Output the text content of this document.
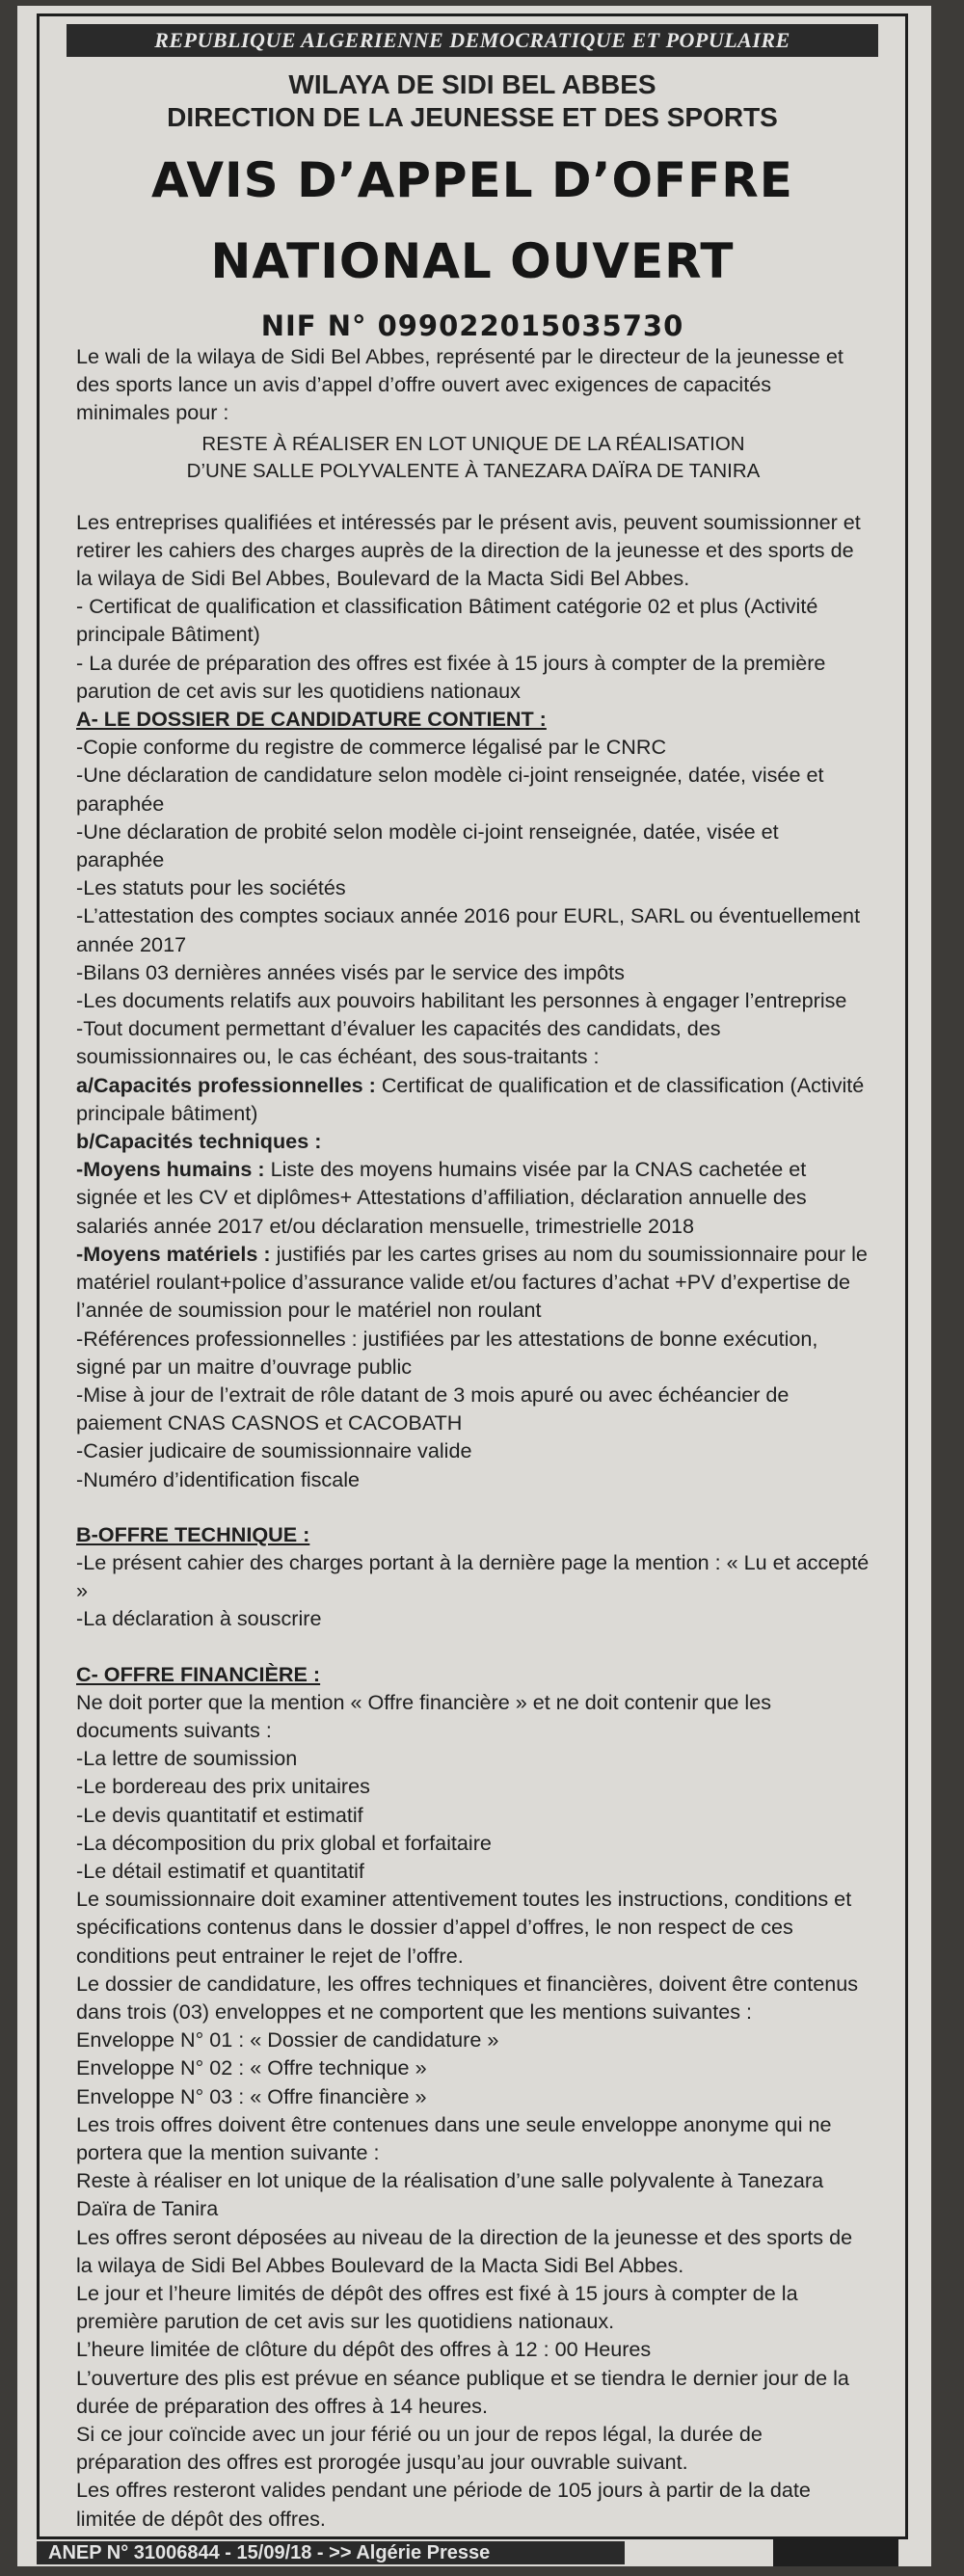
REPUBLIQUE ALGERIENNE DEMOCRATIQUE ET POPULAIRE
WILAYA DE SIDI BEL ABBES
DIRECTION DE LA JEUNESSE ET DES SPORTS
AVIS D’APPEL D’OFFRE
NATIONAL OUVERT
NIF N° 099022015035730

Le wali de la wilaya de Sidi Bel Abbes, représenté par le directeur de la jeunesse et des sports lance un avis d’appel d’offre ouvert avec exigences de capacités minimales pour :

RESTE À RÉALISER EN LOT UNIQUE DE LA RÉALISATION
D’UNE SALLE POLYVALENTE À TANEZARA DAÏRA DE TANIRA

Les entreprises qualifiées et intéressés par le présent avis, peuvent soumissionner et retirer les cahiers des charges auprès de la direction de la jeunesse et des sports de la wilaya de Sidi Bel Abbes, Boulevard de la Macta Sidi Bel Abbes.

- Certificat de qualification et classification Bâtiment catégorie 02 et plus (Activité principale Bâtiment)

- La durée de préparation des offres est fixée à 15 jours à compter de la première parution de cet avis sur les quotidiens nationaux

A- LE DOSSIER DE CANDIDATURE CONTIENT :

-Copie conforme du registre de commerce légalisé par le CNRC

-Une déclaration de candidature selon modèle ci-joint renseignée, datée, visée et paraphée

-Une déclaration de probité selon modèle ci-joint renseignée, datée, visée et paraphée

-Les statuts pour les sociétés

-L’attestation des comptes sociaux année 2016 pour EURL, SARL ou éventuellement année 2017

-Bilans 03 dernières années visés par le service des impôts

-Les documents relatifs aux pouvoirs habilitant les personnes à engager l’entreprise

-Tout document permettant d’évaluer les capacités des candidats, des soumissionnaires ou, le cas échéant, des sous-traitants :

a/Capacités professionnelles : Certificat de qualification et de classification (Activité principale bâtiment)

b/Capacités techniques :

-Moyens humains : Liste des moyens humains visée par la CNAS cachetée et signée et les CV et diplômes+ Attestations d’affiliation, déclaration annuelle des salariés année 2017 et/ou déclaration mensuelle, trimestrielle 2018

-Moyens matériels : justifiés par les cartes grises au nom du soumissionnaire pour le matériel roulant+police d’assurance valide et/ou factures d’achat +PV d’expertise de l’année de soumission pour le matériel non roulant

-Références professionnelles : justifiées par les attestations de bonne exécution, signé par un maitre d’ouvrage public

-Mise à jour de l’extrait de rôle datant de 3 mois apuré ou avec échéancier de paiement CNAS CASNOS et CACOBATH

-Casier judicaire de soumissionnaire valide

-Numéro d’identification fiscale

B-OFFRE TECHNIQUE :

-Le présent cahier des charges portant à la dernière page la mention : « Lu et accepté »

-La déclaration à souscrire

C- OFFRE FINANCIÈRE :

Ne doit porter que la mention « Offre financière » et ne doit contenir que les documents suivants :

-La lettre de soumission

-Le bordereau des prix unitaires

-Le devis quantitatif et estimatif

-La décomposition du prix global et forfaitaire

-Le détail estimatif et quantitatif

Le soumissionnaire doit examiner attentivement toutes les instructions, conditions et spécifications contenus dans le dossier d’appel d’offres, le non respect de ces conditions peut entrainer le rejet de l’offre.

Le dossier de candidature, les offres techniques et financières, doivent être contenus dans trois (03) enveloppes et ne comportent que les mentions suivantes :

Enveloppe N° 01 : « Dossier de candidature »

Enveloppe N° 02 : « Offre technique »

Enveloppe N° 03 : « Offre financière »

Les trois offres doivent être contenues dans une seule enveloppe anonyme qui ne portera que la mention suivante :

Reste à réaliser en lot unique de la réalisation d’une salle polyvalente à Tanezara Daïra de Tanira

Les offres seront déposées au niveau de la direction de la jeunesse et des sports de la wilaya de Sidi Bel Abbes Boulevard de la Macta Sidi Bel Abbes.

Le jour et l’heure limités de dépôt des offres est fixé à 15 jours à compter de la première parution de cet avis sur les quotidiens nationaux.

L’heure limitée de clôture du dépôt des offres à 12 : 00 Heures

L’ouverture des plis est prévue en séance publique et se tiendra le dernier jour de la durée de préparation des offres à 14 heures.

Si ce jour coïncide avec un jour férié ou un jour de repos légal, la durée de préparation des offres est prorogée jusqu’au jour ouvrable suivant.

Les offres resteront valides pendant une période de 105 jours à partir de la date limitée de dépôt des offres.

ANEP N° 31006844 - 15/09/18 - >> Algérie Presse
